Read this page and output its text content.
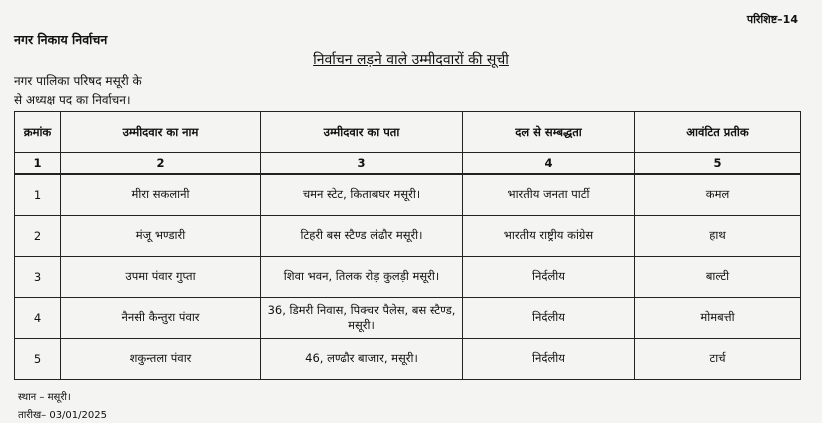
परिशिष्ट–14
नगर निकाय निर्वाचन
निर्वाचन लड़ने वाले उम्मीदवारों की सूची
नगर पालिका परिषद मसूरी के
से अध्यक्ष पद का निर्वाचन।
क्रमांक	उम्मीदवार का नाम	उम्मीदवार का पता	दल से सम्बद्धता	आवंटित प्रतीक
1	2	3	4	5
1	मीरा सकलानी	चमन स्टेट, किताबघर मसूरी।	भारतीय जनता पार्टी	कमल
2	मंजू भण्डारी	टिहरी बस स्टैण्ड लंढौर मसूरी।	भारतीय राष्ट्रीय कांग्रेस	हाथ
3	उपमा पंवार गुप्ता	शिवा भवन, तिलक रोड़ कुलड़ी मसूरी।	निर्दलीय	बाल्टी
4	नैनसी कैन्तुरा पंवार	36, डिमरी निवास, पिक्चर पैलेस, बस स्टैण्ड, मसूरी।	निर्दलीय	मोमबत्ती
5	शकुन्तला पंवार	46, लण्ढौर बाजार, मसूरी।	निर्दलीय	टार्च
स्थान – मसूरी।
तारीख– 03/01/2025
